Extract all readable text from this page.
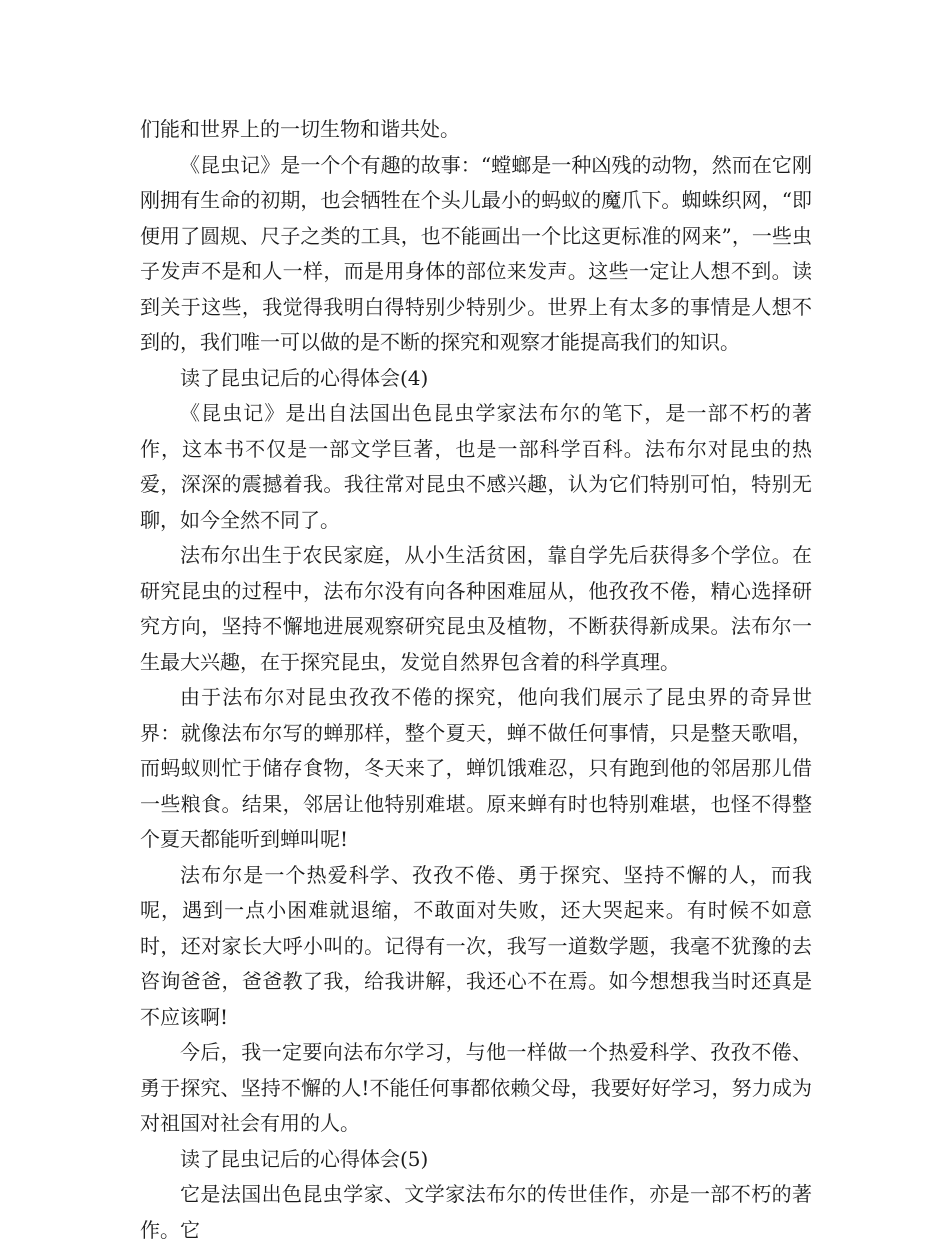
们能和世界上的一切生物和谐共处。

《昆虫记》是一个个有趣的故事：“螳螂是一种凶残的动物，然而在它刚刚拥有生命的初期，也会牺牲在个头儿最小的蚂蚁的魔爪下。蜘蛛织网，“即便用了圆规、尺子之类的工具，也不能画出一个比这更标准的网来”，一些虫子发声不是和人一样，而是用身体的部位来发声。这些一定让人想不到。读到关于这些，我觉得我明白得特别少特别少。世界上有太多的事情是人想不到的，我们唯一可以做的是不断的探究和观察才能提高我们的知识。

读了昆虫记后的心得体会(4)

《昆虫记》是出自法国出色昆虫学家法布尔的笔下，是一部不朽的著作，这本书不仅是一部文学巨著，也是一部科学百科。法布尔对昆虫的热爱，深深的震撼着我。我往常对昆虫不感兴趣，认为它们特别可怕，特别无聊，如今全然不同了。

法布尔出生于农民家庭，从小生活贫困，靠自学先后获得多个学位。在研究昆虫的过程中，法布尔没有向各种困难屈从，他孜孜不倦，精心选择研究方向，坚持不懈地进展观察研究昆虫及植物，不断获得新成果。法布尔一生最大兴趣，在于探究昆虫，发觉自然界包含着的科学真理。

由于法布尔对昆虫孜孜不倦的探究，他向我们展示了昆虫界的奇异世界：就像法布尔写的蝉那样，整个夏天，蝉不做任何事情，只是整天歌唱，而蚂蚁则忙于储存食物，冬天来了，蝉饥饿难忍，只有跑到他的邻居那儿借一些粮食。结果，邻居让他特别难堪。原来蝉有时也特别难堪，也怪不得整个夏天都能听到蝉叫呢!

法布尔是一个热爱科学、孜孜不倦、勇于探究、坚持不懈的人，而我呢，遇到一点小困难就退缩，不敢面对失败，还大哭起来。有时候不如意时，还对家长大呼小叫的。记得有一次，我写一道数学题，我毫不犹豫的去咨询爸爸，爸爸教了我，给我讲解，我还心不在焉。如今想想我当时还真是不应该啊!

今后，我一定要向法布尔学习，与他一样做一个热爱科学、孜孜不倦、勇于探究、坚持不懈的人!不能任何事都依赖父母，我要好好学习，努力成为对祖国对社会有用的人。

读了昆虫记后的心得体会(5)

它是法国出色昆虫学家、文学家法布尔的传世佳作，亦是一部不朽的著作。它
